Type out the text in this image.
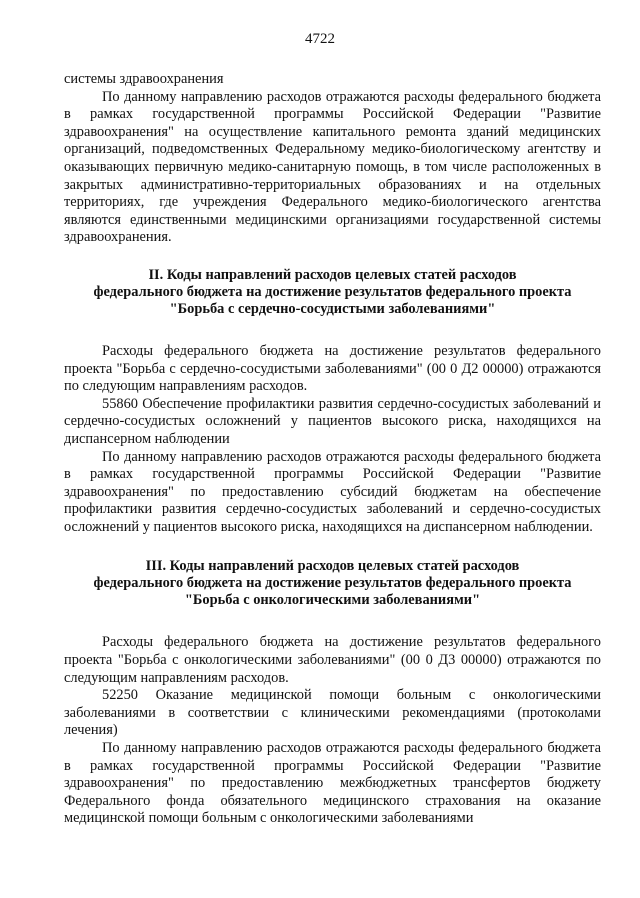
4722

системы здравоохранения

По данному направлению расходов отражаются расходы федерального бюджета в рамках государственной программы Российской Федерации "Развитие здравоохранения" на осуществление капитального ремонта зданий медицинских организаций, подведомственных Федеральному медико-биологическому агентству и оказывающих первичную медико-санитарную помощь, в том числе расположенных в закрытых административно-территориальных образованиях и на отдельных территориях, где учреждения Федерального медико-биологического агентства являются единственными медицинскими организациями государственной системы здравоохранения.

II. Коды направлений расходов целевых статей расходов
федерального бюджета на достижение результатов федерального проекта
"Борьба с сердечно-сосудистыми заболеваниями"

Расходы федерального бюджета на достижение результатов федерального проекта "Борьба с сердечно-сосудистыми заболеваниями" (00 0 Д2 00000) отражаются по следующим направлениям расходов.

55860 Обеспечение профилактики развития сердечно-сосудистых заболеваний и сердечно-сосудистых осложнений у пациентов высокого риска, находящихся на диспансерном наблюдении

По данному направлению расходов отражаются расходы федерального бюджета в рамках государственной программы Российской Федерации "Развитие здравоохранения" по предоставлению субсидий бюджетам на обеспечение профилактики развития сердечно-сосудистых заболеваний и сердечно-сосудистых осложнений у пациентов высокого риска, находящихся на диспансерном наблюдении.

III. Коды направлений расходов целевых статей расходов
федерального бюджета на достижение результатов федерального проекта
"Борьба с онкологическими заболеваниями"

Расходы федерального бюджета на достижение результатов федерального проекта "Борьба с онкологическими заболеваниями" (00 0 Д3 00000) отражаются по следующим направлениям расходов.

52250 Оказание медицинской помощи больным с онкологическими заболеваниями в соответствии с клиническими рекомендациями (протоколами лечения)

По данному направлению расходов отражаются расходы федерального бюджета в рамках государственной программы Российской Федерации "Развитие здравоохранения" по предоставлению межбюджетных трансфертов бюджету Федерального фонда обязательного медицинского страхования на оказание медицинской помощи больным с онкологическими заболеваниями
